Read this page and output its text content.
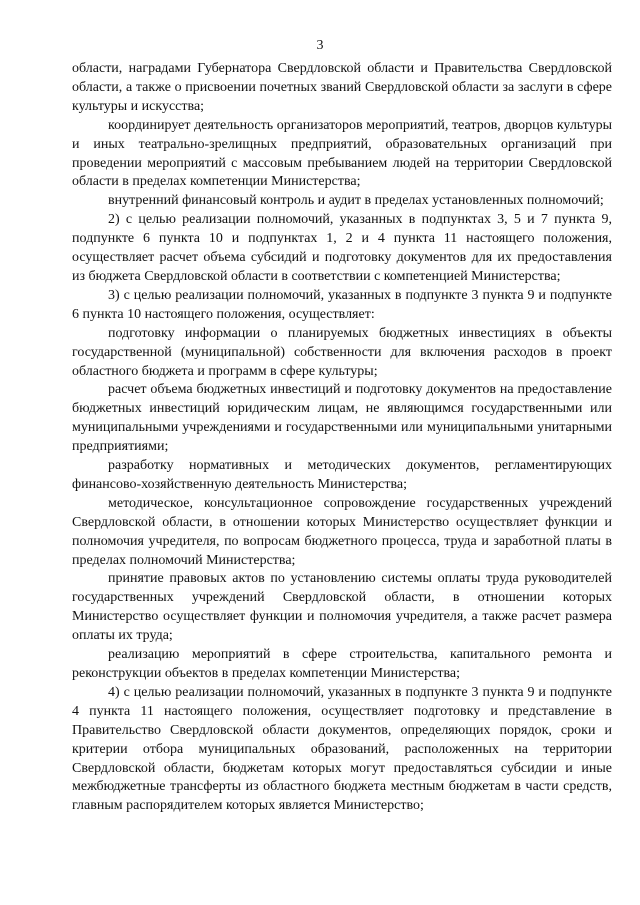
3

области, наградами Губернатора Свердловской области и Правительства Свердловской области, а также о присвоении почетных званий Свердловской области за заслуги в сфере культуры и искусства;

координирует деятельность организаторов мероприятий, театров, дворцов культуры и иных театрально-зрелищных предприятий, образовательных организаций при проведении мероприятий с массовым пребыванием людей на территории Свердловской области в пределах компетенции Министерства;

внутренний финансовый контроль и аудит в пределах установленных полномочий;

2) с целью реализации полномочий, указанных в подпунктах 3, 5 и 7 пункта 9, подпункте 6 пункта 10 и подпунктах 1, 2 и 4 пункта 11 настоящего положения, осуществляет расчет объема субсидий и подготовку документов для их предоставления из бюджета Свердловской области в соответствии с компетенцией Министерства;

3) с целью реализации полномочий, указанных в подпункте 3 пункта 9 и подпункте 6 пункта 10 настоящего положения, осуществляет:

подготовку информации о планируемых бюджетных инвестициях в объекты государственной (муниципальной) собственности для включения расходов в проект областного бюджета и программ в сфере культуры;

расчет объема бюджетных инвестиций и подготовку документов на предоставление бюджетных инвестиций юридическим лицам, не являющимся государственными или муниципальными учреждениями и государственными или муниципальными унитарными предприятиями;

разработку нормативных и методических документов, регламентирующих финансово-хозяйственную деятельность Министерства;

методическое, консультационное сопровождение государственных учреждений Свердловской области, в отношении которых Министерство осуществляет функции и полномочия учредителя, по вопросам бюджетного процесса, труда и заработной платы в пределах полномочий Министерства;

принятие правовых актов по установлению системы оплаты труда руководителей государственных учреждений Свердловской области, в отношении которых Министерство осуществляет функции и полномочия учредителя, а также расчет размера оплаты их труда;

реализацию мероприятий в сфере строительства, капитального ремонта и реконструкции объектов в пределах компетенции Министерства;

4) с целью реализации полномочий, указанных в подпункте 3 пункта 9 и подпункте 4 пункта 11 настоящего положения, осуществляет подготовку и представление в Правительство Свердловской области документов, определяющих порядок, сроки и критерии отбора муниципальных образований, расположенных на территории Свердловской области, бюджетам которых могут предоставляться субсидии и иные межбюджетные трансферты из областного бюджета местным бюджетам в части средств, главным распорядителем которых является Министерство;
